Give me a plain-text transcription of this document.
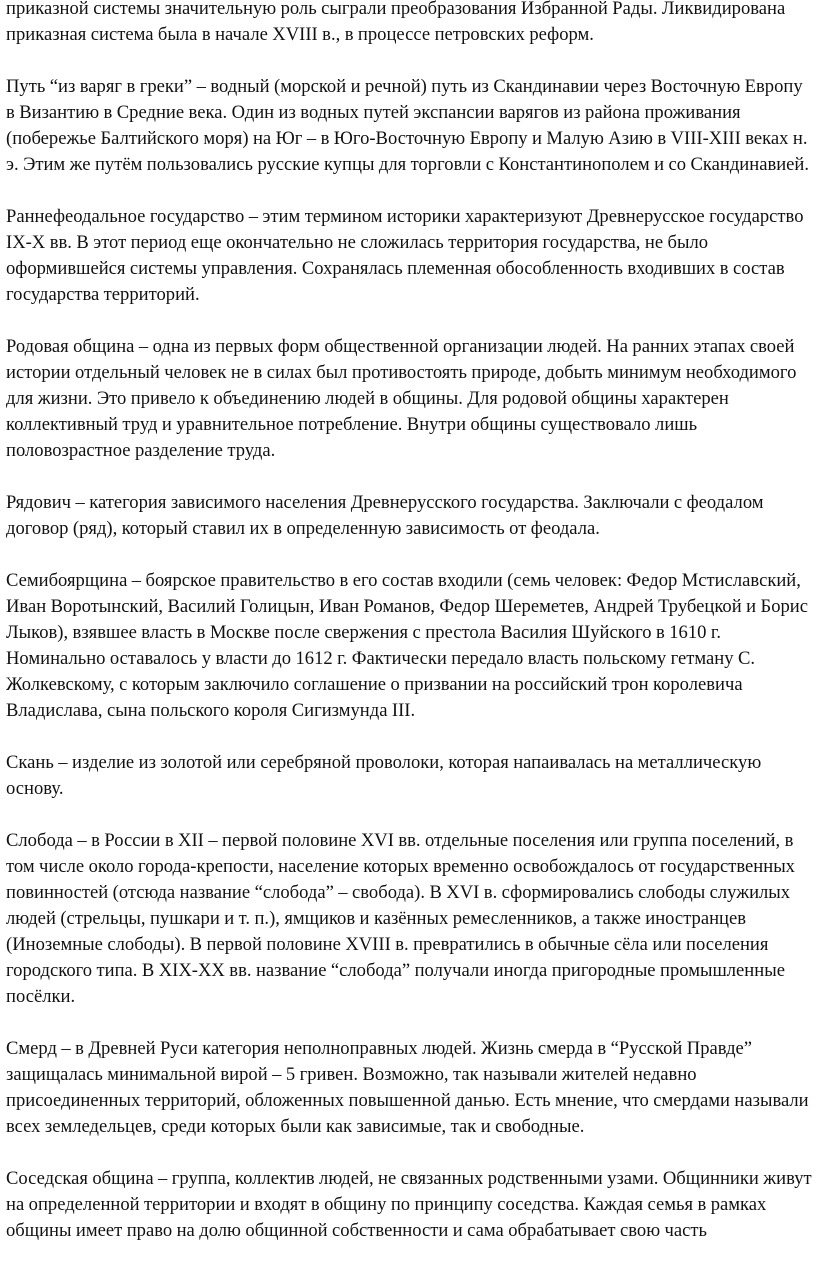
приказной системы значительную роль сыграли преобразования Избранной Рады. Ликвидирована приказная система была в начале XVIII в., в процессе петровских реформ.

Путь “из варяг в греки” – водный (морской и речной) путь из Скандинавии через Восточную Европу в Византию в Средние века. Один из водных путей экспансии варягов из района проживания (побережье Балтийского моря) на Юг – в Юго-Восточную Европу и Малую Азию в VIII-XIII веках н. э. Этим же путём пользовались русские купцы для торговли с Константинополем и со Скандинавией.

Раннефеодальное государство – этим термином историки характеризуют Древнерусское государство IX-X вв. В этот период еще окончательно не сложилась территория государства, не было оформившейся системы управления. Сохранялась племенная обособленность входивших в состав государства территорий.

Родовая община – одна из первых форм общественной организации людей. На ранних этапах своей истории отдельный человек не в силах был противостоять природе, добыть минимум необходимого для жизни. Это привело к объединению людей в общины. Для родовой общины характерен коллективный труд и уравнительное потребление. Внутри общины существовало лишь половозрастное разделение труда.

Рядович – категория зависимого населения Древнерусского государства. Заключали с феодалом договор (ряд), который ставил их в определенную зависимость от феодала.

Семибоярщина – боярское правительство в его состав входили (семь человек: Федор Мстиславский, Иван Воротынский, Василий Голицын, Иван Романов, Федор Шереметев, Андрей Трубецкой и Борис Лыков), взявшее власть в Москве после свержения с престола Василия Шуйского в 1610 г. Номинально оставалось у власти до 1612 г. Фактически передало власть польскому гетману С. Жолкевскому, с которым заключило соглашение о призвании на российский трон королевича Владислава, сына польского короля Сигизмунда III.

Скань – изделие из золотой или серебряной проволоки, которая напаивалась на металлическую основу.

Слобода – в России в XII – первой половине XVI вв. отдельные поселения или группа поселений, в том числе около города-крепости, население которых временно освобождалось от государственных повинностей (отсюда название “слобода” – свобода). В XVI в. сформировались слободы служилых людей (стрельцы, пушкари и т. п.), ямщиков и казённых ремесленников, а также иностранцев (Иноземные слободы). В первой половине XVIII в. превратились в обычные сёла или поселения городского типа. В XIX-XX вв. название “слобода” получали иногда пригородные промышленные посёлки.

Смерд – в Древней Руси категория неполноправных людей. Жизнь смерда в “Русской Правде” защищалась минимальной вирой – 5 гривен. Возможно, так называли жителей недавно присоединенных территорий, обложенных повышенной данью. Есть мнение, что смердами называли всех земледельцев, среди которых были как зависимые, так и свободные.

Соседская община – группа, коллектив людей, не связанных родственными узами. Общинники живут на определенной территории и входят в общину по принципу соседства. Каждая семья в рамках общины имеет право на долю общинной собственности и сама обрабатывает свою часть
